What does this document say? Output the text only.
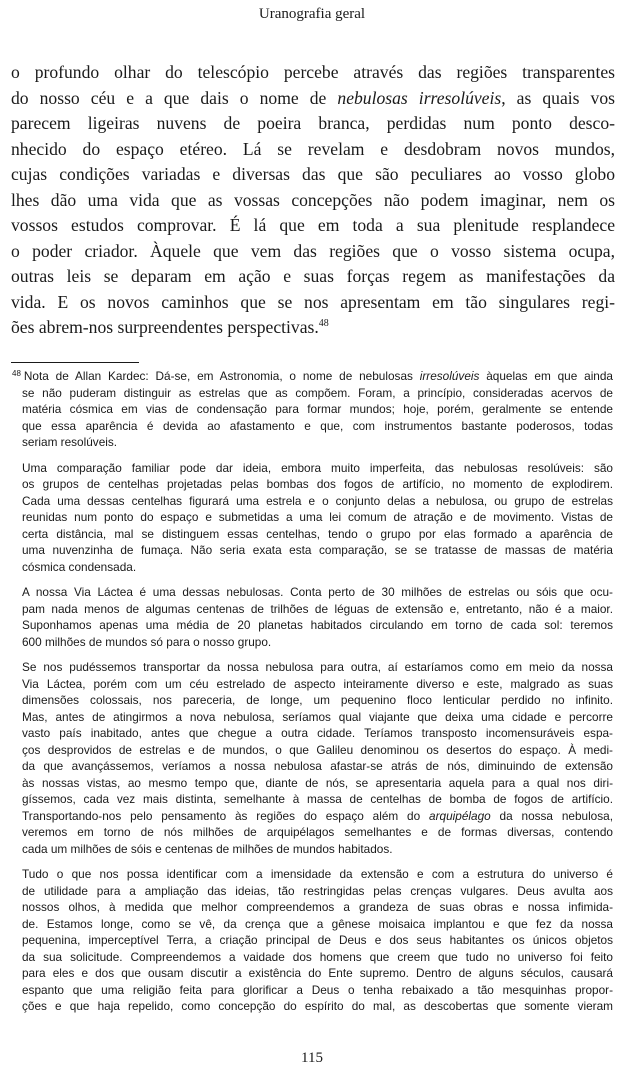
Uranografia geral
o profundo olhar do telescópio percebe através das regiões transparentes
do nosso céu e a que dais o nome de nebulosas irresolúveis, as quais vos
parecem ligeiras nuvens de poeira branca, perdidas num ponto desco-
nhecido do espaço etéreo. Lá se revelam e desdobram novos mundos,
cujas condições variadas e diversas das que são peculiares ao vosso globo
lhes dão uma vida que as vossas concepções não podem imaginar, nem os
vossos estudos comprovar. É lá que em toda a sua plenitude resplandece
o poder criador. Àquele que vem das regiões que o vosso sistema ocupa,
outras leis se deparam em ação e suas forças regem as manifestações da
vida. E os novos caminhos que se nos apresentam em tão singulares regi-
ões abrem-nos surpreendentes perspectivas.$^{48}$
$^{48}$ Nota de Allan Kardec: Dá-se, em Astronomia, o nome de nebulosas irresolúveis àquelas em que ainda
se não puderam distinguir as estrelas que as compõem. Foram, a princípio, consideradas acervos de
matéria cósmica em vias de condensação para formar mundos; hoje, porém, geralmente se entende
que essa aparência é devida ao afastamento e que, com instrumentos bastante poderosos, todas
seriam resolúveis.
Uma comparação familiar pode dar ideia, embora muito imperfeita, das nebulosas resolúveis: são
os grupos de centelhas projetadas pelas bombas dos fogos de artifício, no momento de explodirem.
Cada uma dessas centelhas figurará uma estrela e o conjunto delas a nebulosa, ou grupo de estrelas
reunidas num ponto do espaço e submetidas a uma lei comum de atração e de movimento. Vistas de
certa distância, mal se distinguem essas centelhas, tendo o grupo por elas formado a aparência de
uma nuvenzinha de fumaça. Não seria exata esta comparação, se se tratasse de massas de matéria
cósmica condensada.
A nossa Via Láctea é uma dessas nebulosas. Conta perto de 30 milhões de estrelas ou sóis que ocu-
pam nada menos de algumas centenas de trilhões de léguas de extensão e, entretanto, não é a maior.
Suponhamos apenas uma média de 20 planetas habitados circulando em torno de cada sol: teremos
600 milhões de mundos só para o nosso grupo.
Se nos pudéssemos transportar da nossa nebulosa para outra, aí estaríamos como em meio da nossa
Via Láctea, porém com um céu estrelado de aspecto inteiramente diverso e este, malgrado as suas
dimensões colossais, nos pareceria, de longe, um pequenino floco lenticular perdido no infinito.
Mas, antes de atingirmos a nova nebulosa, seríamos qual viajante que deixa uma cidade e percorre
vasto país inabitado, antes que chegue a outra cidade. Teríamos transposto incomensuráveis espa-
ços desprovidos de estrelas e de mundos, o que Galileu denominou os desertos do espaço. À medi-
da que avançássemos, veríamos a nossa nebulosa afastar-se atrás de nós, diminuindo de extensão
às nossas vistas, ao mesmo tempo que, diante de nós, se apresentaria aquela para a qual nos diri-
gíssemos, cada vez mais distinta, semelhante à massa de centelhas de bomba de fogos de artifício.
Transportando-nos pelo pensamento às regiões do espaço além do arquipélago da nossa nebulosa,
veremos em torno de nós milhões de arquipélagos semelhantes e de formas diversas, contendo
cada um milhões de sóis e centenas de milhões de mundos habitados.
Tudo o que nos possa identificar com a imensidade da extensão e com a estrutura do universo é
de utilidade para a ampliação das ideias, tão restringidas pelas crenças vulgares. Deus avulta aos
nossos olhos, à medida que melhor compreendemos a grandeza de suas obras e nossa infimida-
de. Estamos longe, como se vê, da crença que a gênese moisaica implantou e que fez da nossa
pequenina, imperceptível Terra, a criação principal de Deus e dos seus habitantes os únicos objetos
da sua solicitude. Compreendemos a vaidade dos homens que creem que tudo no universo foi feito
para eles e dos que ousam discutir a existência do Ente supremo. Dentro de alguns séculos, causará
espanto que uma religião feita para glorificar a Deus o tenha rebaixado a tão mesquinhas propor-
ções e que haja repelido, como concepção do espírito do mal, as descobertas que somente vieram
115
